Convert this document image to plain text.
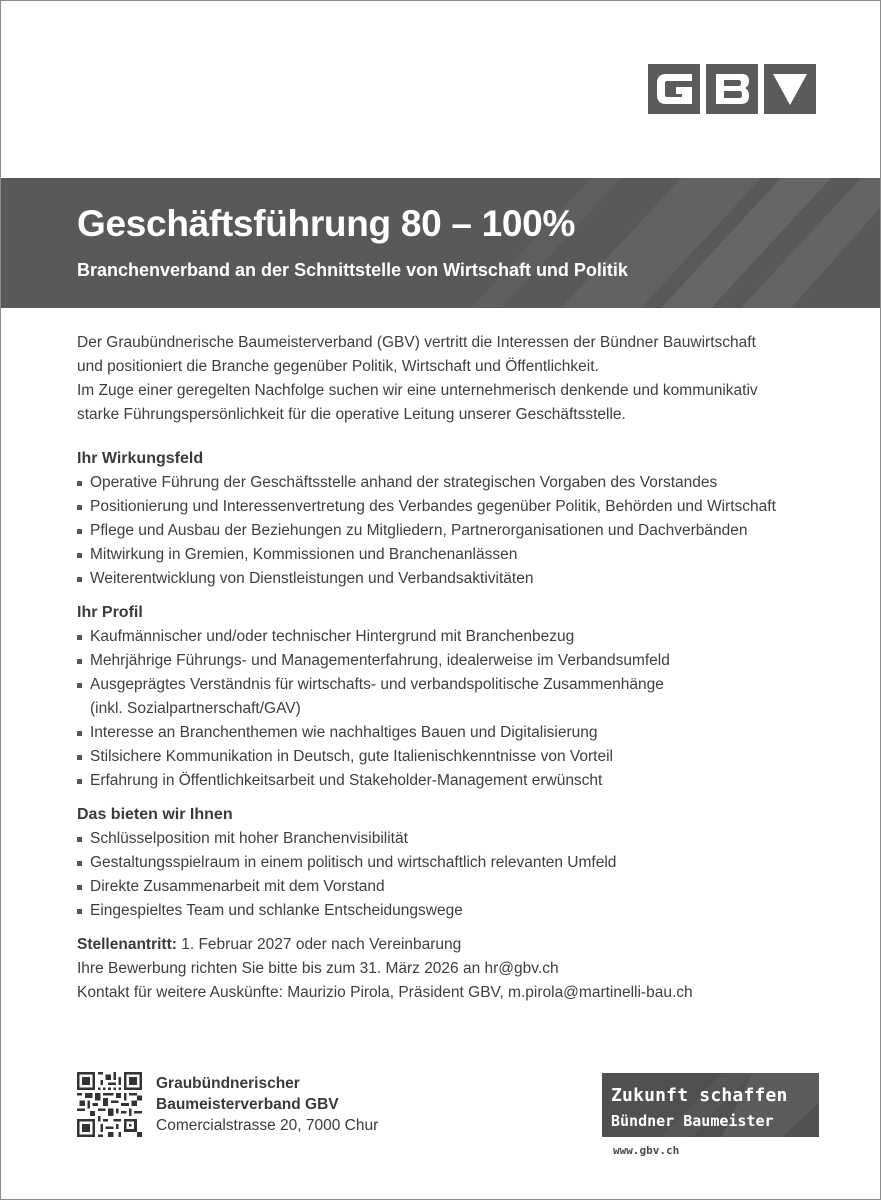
Geschäftsführung 80 – 100%
Branchenverband an der Schnittstelle von Wirtschaft und Politik

Der Graubündnerische Baumeisterverband (GBV) vertritt die Interessen der Bündner Bauwirtschaft
und positioniert die Branche gegenüber Politik, Wirtschaft und Öffentlichkeit.
Im Zuge einer geregelten Nachfolge suchen wir eine unternehmerisch denkende und kommunikativ
starke Führungspersönlichkeit für die operative Leitung unserer Geschäftsstelle.

Ihr Wirkungsfeld

Operative Führung der Geschäftsstelle anhand der strategischen Vorgaben des Vorstandes
Positionierung und Interessenvertretung des Verbandes gegenüber Politik, Behörden und Wirtschaft
Pflege und Ausbau der Beziehungen zu Mitgliedern, Partnerorganisationen und Dachverbänden
Mitwirkung in Gremien, Kommissionen und Branchenanlässen
Weiterentwicklung von Dienstleistungen und Verbandsaktivitäten

Ihr Profil

Kaufmännischer und/oder technischer Hintergrund mit Branchenbezug
Mehrjährige Führungs- und Managementerfahrung, idealerweise im Verbandsumfeld
Ausgeprägtes Verständnis für wirtschafts- und verbandspolitische Zusammenhänge
(inkl. Sozialpartnerschaft/GAV)
Interesse an Branchenthemen wie nachhaltiges Bauen und Digitalisierung
Stilsichere Kommunikation in Deutsch, gute Italienischkenntnisse von Vorteil
Erfahrung in Öffentlichkeitsarbeit und Stakeholder-Management erwünscht

Das bieten wir Ihnen

Schlüsselposition mit hoher Branchenvisibilität
Gestaltungsspielraum in einem politisch und wirtschaftlich relevanten Umfeld
Direkte Zusammenarbeit mit dem Vorstand
Eingespieltes Team und schlanke Entscheidungswege

Stellenantritt: 1. Februar 2027 oder nach Vereinbarung

Ihre Bewerbung richten Sie bitte bis zum 31. März 2026 an hr@gbv.ch

Kontakt für weitere Auskünfte: Maurizio Pirola, Präsident GBV, m.pirola@martinelli-bau.ch

Graubündnerischer
Baumeisterverband GBV
Comercialstrasse 20, 7000 Chur
Zukunft schaffen
Bündner Baumeister
www.gbv.ch
